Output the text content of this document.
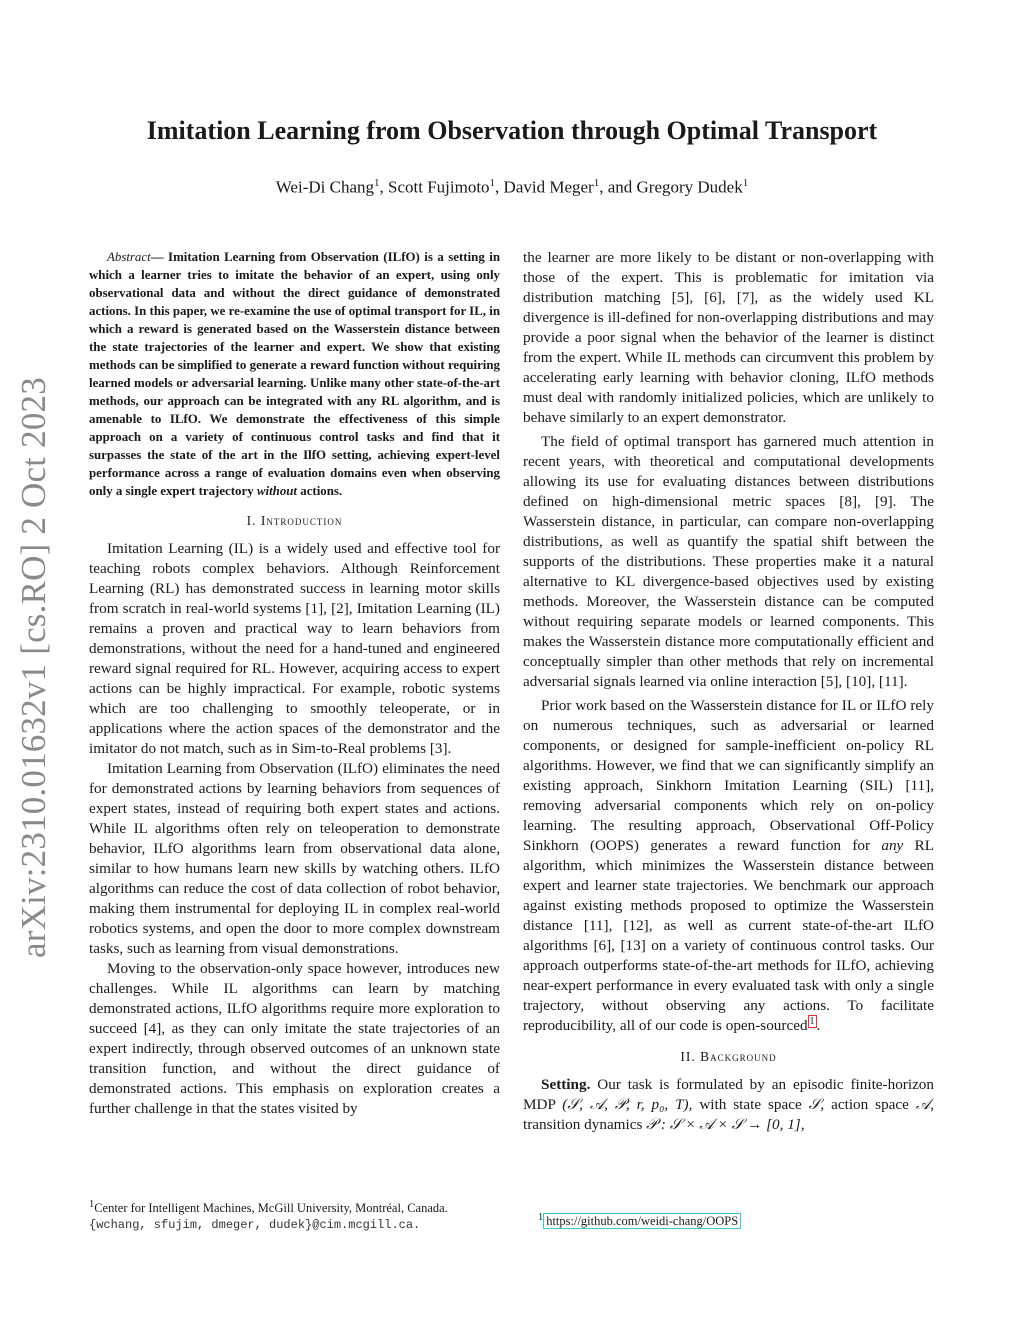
arXiv:2310.01632v1 [cs.RO] 2 Oct 2023
Imitation Learning from Observation through Optimal Transport
Wei-Di Chang$^1$, Scott Fujimoto$^1$, David Meger$^1$, and Gregory Dudek$^1$

Abstract— Imitation Learning from Observation (ILfO) is a setting in which a learner tries to imitate the behavior of an expert, using only observational data and without the direct guidance of demonstrated actions. In this paper, we re-examine the use of optimal transport for IL, in which a reward is generated based on the Wasserstein distance between the state trajectories of the learner and expert. We show that existing methods can be simplified to generate a reward function without requiring learned models or adversarial learning. Unlike many other state-of-the-art methods, our approach can be integrated with any RL algorithm, and is amenable to ILfO. We demonstrate the effectiveness of this simple approach on a variety of continuous control tasks and find that it surpasses the state of the art in the IlfO setting, achieving expert-level performance across a range of evaluation domains even when observing only a single expert trajectory without actions.

I. Introduction

Imitation Learning (IL) is a widely used and effective tool for teaching robots complex behaviors. Although Reinforcement Learning (RL) has demonstrated success in learning motor skills from scratch in real-world systems [1], [2], Imitation Learning (IL) remains a proven and practical way to learn behaviors from demonstrations, without the need for a hand-tuned and engineered reward signal required for RL. However, acquiring access to expert actions can be highly impractical. For example, robotic systems which are too challenging to smoothly teleoperate, or in applications where the action spaces of the demonstrator and the imitator do not match, such as in Sim-to-Real problems [3].

Imitation Learning from Observation (ILfO) eliminates the need for demonstrated actions by learning behaviors from sequences of expert states, instead of requiring both expert states and actions. While IL algorithms often rely on teleoperation to demonstrate behavior, ILfO algorithms learn from observational data alone, similar to how humans learn new skills by watching others. ILfO algorithms can reduce the cost of data collection of robot behavior, making them instrumental for deploying IL in complex real-world robotics systems, and open the door to more complex downstream tasks, such as learning from visual demonstrations.

Moving to the observation-only space however, introduces new challenges. While IL algorithms can learn by matching demonstrated actions, ILfO algorithms require more exploration to succeed [4], as they can only imitate the state trajectories of an expert indirectly, through observed outcomes of an unknown state transition function, and without the direct guidance of demonstrated actions. This emphasis on exploration creates a further challenge in that the states visited by

the learner are more likely to be distant or non-overlapping with those of the expert. This is problematic for imitation via distribution matching [5], [6], [7], as the widely used KL divergence is ill-defined for non-overlapping distributions and may provide a poor signal when the behavior of the learner is distinct from the expert. While IL methods can circumvent this problem by accelerating early learning with behavior cloning, ILfO methods must deal with randomly initialized policies, which are unlikely to behave similarly to an expert demonstrator.

The field of optimal transport has garnered much attention in recent years, with theoretical and computational developments allowing its use for evaluating distances between distributions defined on high-dimensional metric spaces [8], [9]. The Wasserstein distance, in particular, can compare non-overlapping distributions, as well as quantify the spatial shift between the supports of the distributions. These properties make it a natural alternative to KL divergence-based objectives used by existing methods. Moreover, the Wasserstein distance can be computed without requiring separate models or learned components. This makes the Wasserstein distance more computationally efficient and conceptually simpler than other methods that rely on incremental adversarial signals learned via online interaction [5], [10], [11].

Prior work based on the Wasserstein distance for IL or ILfO rely on numerous techniques, such as adversarial or learned components, or designed for sample-inefficient on-policy RL algorithms. However, we find that we can significantly simplify an existing approach, Sinkhorn Imitation Learning (SIL) [11], removing adversarial components which rely on on-policy learning. The resulting approach, Observational Off-Policy Sinkhorn (OOPS) generates a reward function for any RL algorithm, which minimizes the Wasserstein distance between expert and learner state trajectories. We benchmark our approach against existing methods proposed to optimize the Wasserstein distance [11], [12], as well as current state-of-the-art ILfO algorithms [6], [13] on a variety of continuous control tasks. Our approach outperforms state-of-the-art methods for ILfO, achieving near-expert performance in every evaluated task with only a single trajectory, without observing any actions. To facilitate reproducibility, all of our code is open-sourced $^1$ .

II. Background

Setting. Our task is formulated by an episodic finite-horizon MDP (𝒮, 𝒜, 𝒫, r, p₀, T), with state space 𝒮, action space 𝒜, transition dynamics 𝒫 : 𝒮 × 𝒜 × 𝒮 → [0, 1],

$^1$Center for Intelligent Machines, McGill University, Montréal, Canada.
{wchang, sfujim, dmeger, dudek}@cim.mcgill.ca.
$^1$ https://github.com/weidi-chang/OOPS
